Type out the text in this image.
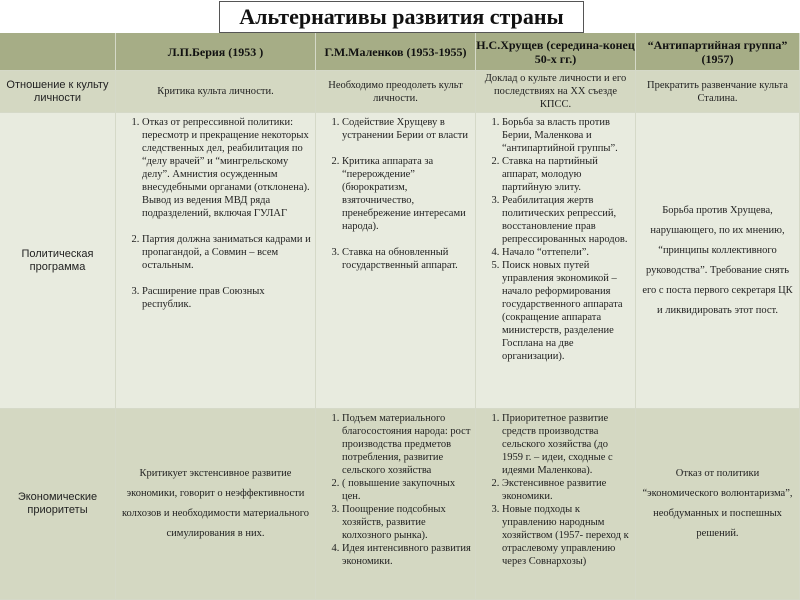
Альтернативы развития страны
Л.П.Берия (1953 )	Г.М.Маленков (1953-1955) Н.С.Хрущев (середина-конец 50-х гг.)
“Антипартийная группа” (1957)
Отношение к культу личности	Критика культа личности.
Необходимо преодолеть культ личности.
Доклад о культе личности и его последствиях на XX съезде КПСС.
Прекратить развенчание культа Сталина.
Политическая программа
1. Отказ от репрессивной политики: пересмотр и прекращение некоторых следственных дел, реабилитация по “делу врачей” и “мингрельскому делу”. Амнистия осужденным внесудебными органами (отклонена). Вывод из ведения МВД ряда подразделений, включая ГУЛАГ
2. Партия должна заниматься кадрами и пропагандой, а Совмин – всем остальным.
3. Расширение прав Союзных республик.
1. Содействие Хрущеву в устранении Берии от власти
2. Критика аппарата за “перерождение” (бюрократизм, взяточничество, пренебрежение интересами народа).
3. Ставка на обновленный государственный аппарат.
1. Борьба за власть против Берии, Маленкова и “антипартийной группы”.
2. Ставка на партийный аппарат, молодую партийную элиту.
3. Реабилитация жертв политических репрессий, восстановление прав репрессированных народов.
4. Начало “оттепели”.
5. Поиск новых путей управления экономикой – начало реформирования государственного аппарата (сокращение аппарата министерств, разделение Госплана на две организации).
Борьба против Хрущева, нарушающего, по их мнению, “принципы коллективного руководства”. Требование снять его с поста первого секретаря ЦК и ликвидировать этот пост.
Экономические приоритеты
Критикует экстенсивное развитие экономики, говорит о неэффективности колхозов и необходимости материального симулирования в них.
1. Подъем материального благосостояния народа: рост производства предметов потребления, развитие сельского хозяйства
2. ( повышение закупочных цен.
3. Поощрение подсобных хозяйств, развитие колхозного рынка).
4. Идея интенсивного развития экономики.
1. Приоритетное развитие средств производства сельского хозяйства (до 1959 г. – идеи, сходные с идеями Маленкова).
2. Экстенсивное развитие экономики.
3. Новые подходы к управлению народным хозяйством (1957- переход к отраслевому управлению через Совнархозы)
Отказ от политики “экономического волюнтаризма”, необдуманных и поспешных решений.
